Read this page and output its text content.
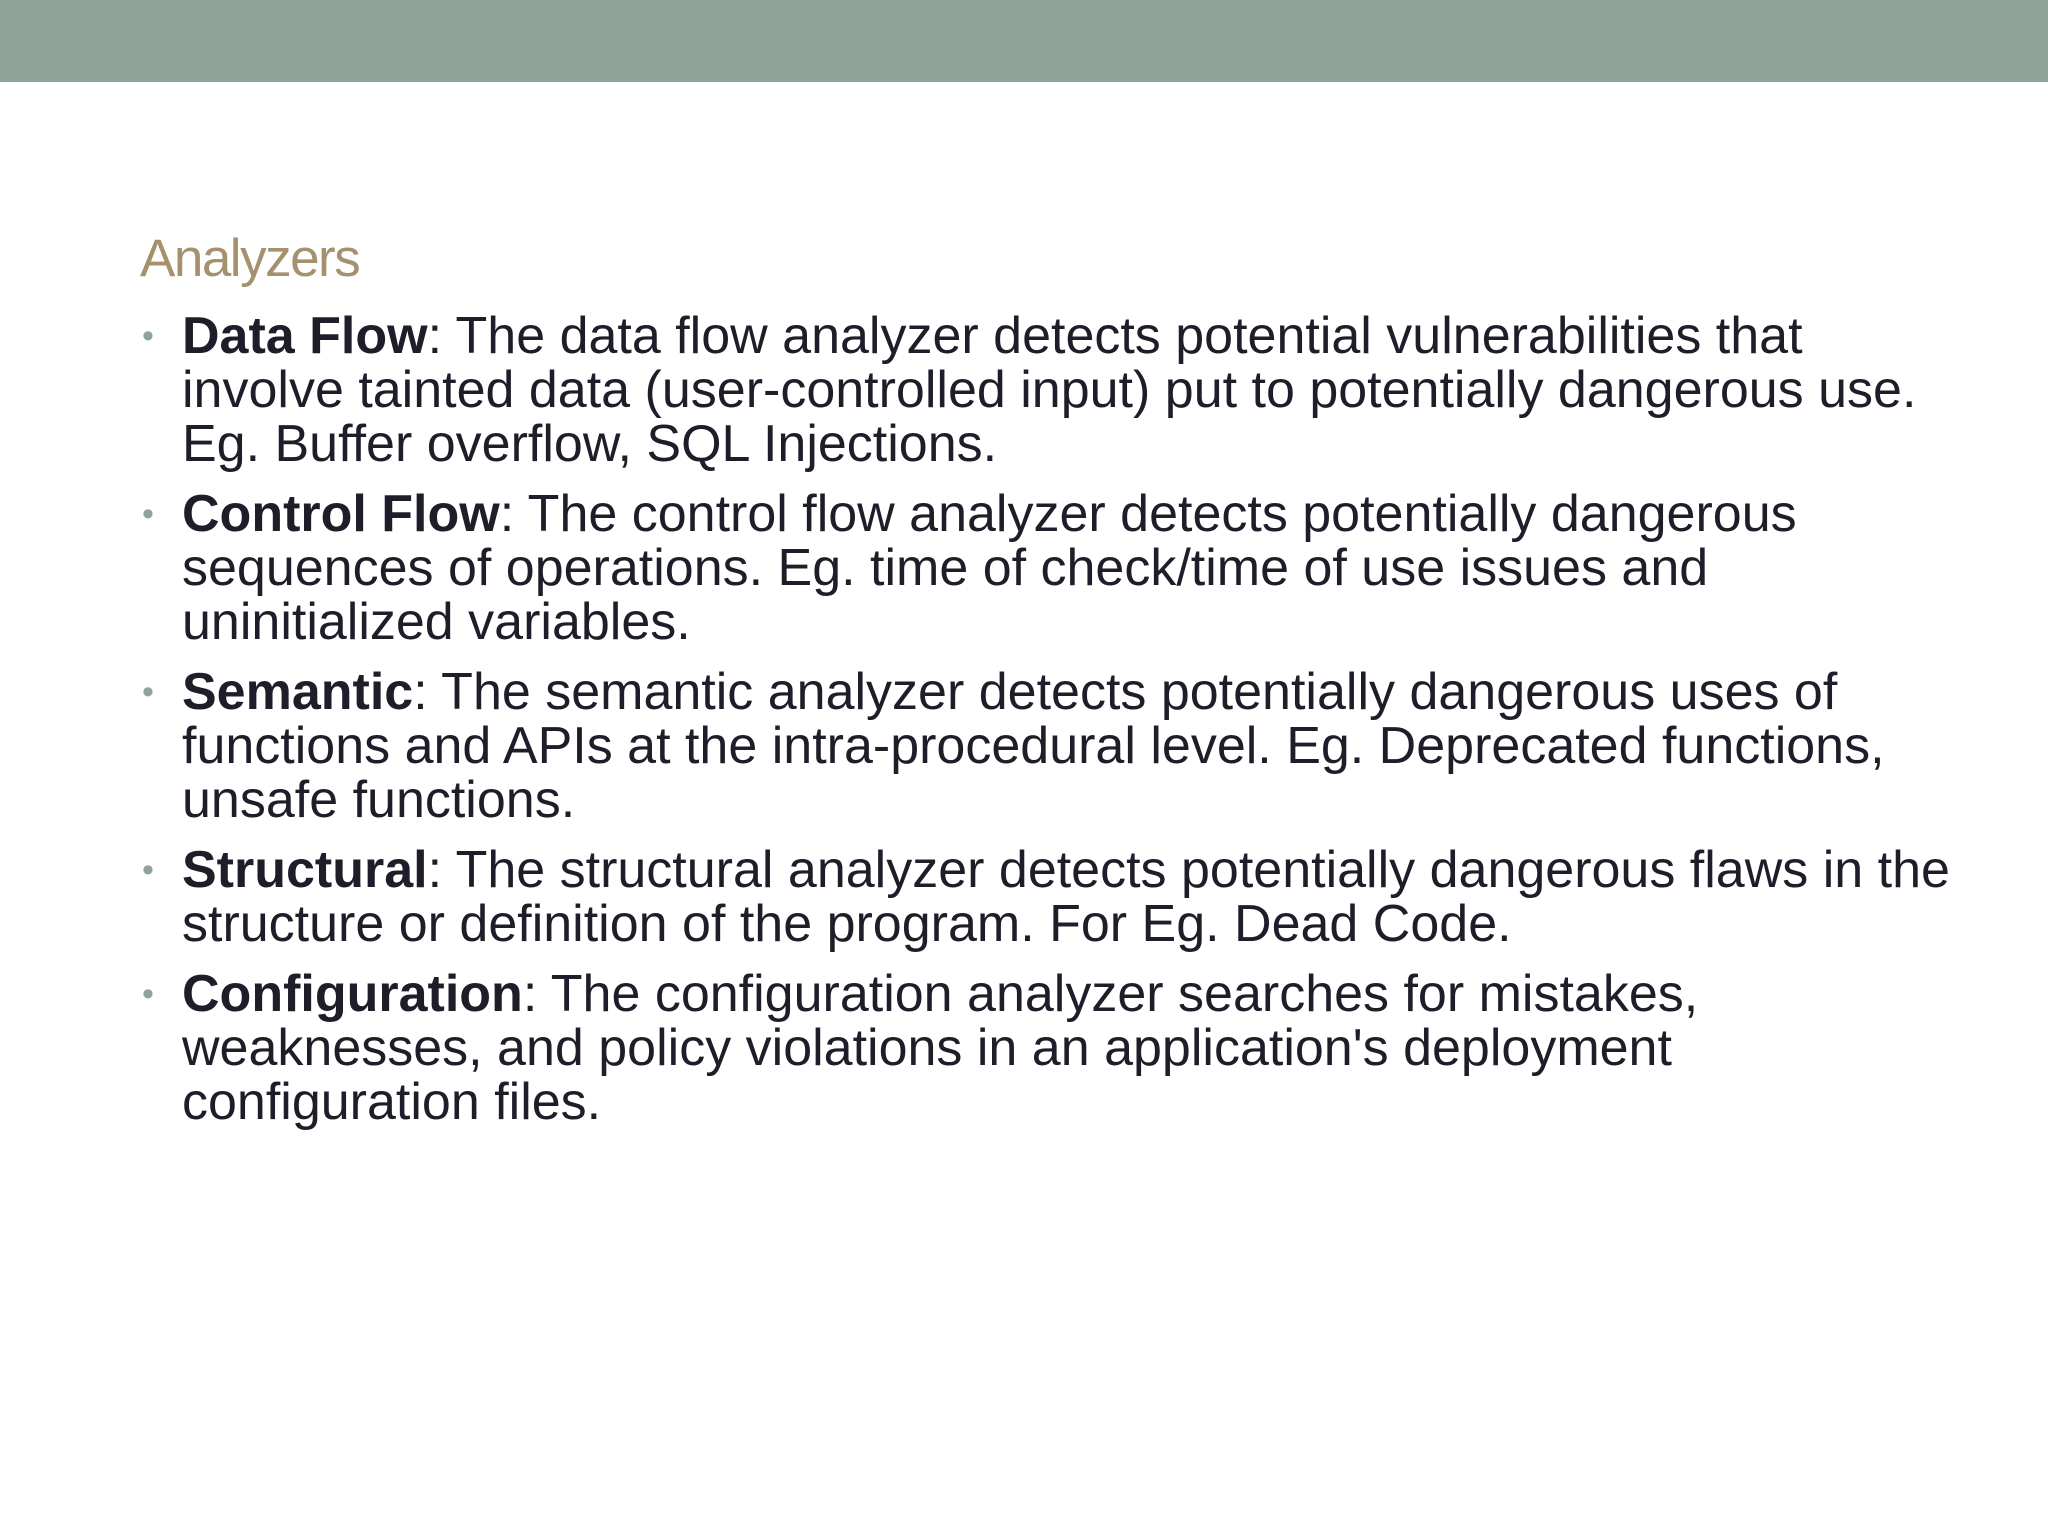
Analyzers
• Data Flow: The data flow analyzer detects potential vulnerabilities that involve tainted data (user-controlled input) put to potentially dangerous use. Eg. Buffer overflow, SQL Injections.
• Control Flow: The control flow analyzer detects potentially dangerous sequences of operations. Eg. time of check/time of use issues and uninitialized variables.
• Semantic: The semantic analyzer detects potentially dangerous uses of functions and APIs at the intra-procedural level. Eg. Deprecated functions, unsafe functions.
• Structural: The structural analyzer detects potentially dangerous flaws in the structure or definition of the program. For Eg. Dead Code.
• Configuration: The configuration analyzer searches for mistakes, weaknesses, and policy violations in an application's deployment configuration files.
